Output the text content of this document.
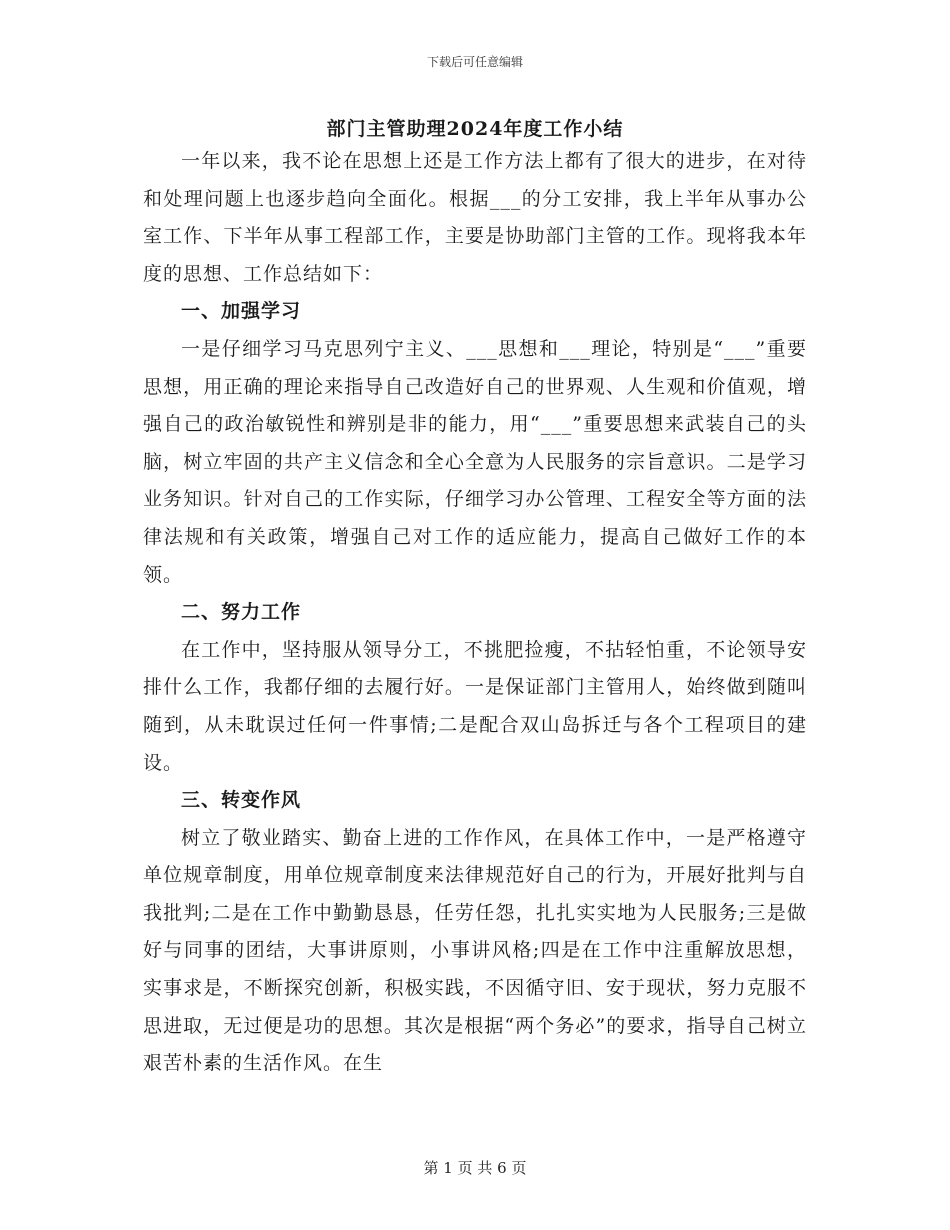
下载后可任意编辑
部门主管助理2024年度工作小结

一年以来，我不论在思想上还是工作方法上都有了很大的进步，在对待和处理问题上也逐步趋向全面化。根据___的分工安排，我上半年从事办公室工作、下半年从事工程部工作，主要是协助部门主管的工作。现将我本年度的思想、工作总结如下：

一、加强学习

一是仔细学习马克思列宁主义、___思想和___理论，特别是“___”重要思想，用正确的理论来指导自己改造好自己的世界观、人生观和价值观，增强自己的政治敏锐性和辨别是非的能力，用“___”重要思想来武装自己的头脑，树立牢固的共产主义信念和全心全意为人民服务的宗旨意识。二是学习业务知识。针对自己的工作实际，仔细学习办公管理、工程安全等方面的法律法规和有关政策，增强自己对工作的适应能力，提高自己做好工作的本领。

二、努力工作

在工作中，坚持服从领导分工，不挑肥捡瘦，不拈轻怕重，不论领导安排什么工作，我都仔细的去履行好。一是保证部门主管用人，始终做到随叫随到，从未耽误过任何一件事情;二是配合双山岛拆迁与各个工程项目的建设。

三、转变作风

树立了敬业踏实、勤奋上进的工作作风，在具体工作中，一是严格遵守单位规章制度，用单位规章制度来法律规范好自己的行为，开展好批判与自我批判;二是在工作中勤勤恳恳，任劳任怨，扎扎实实地为人民服务;三是做好与同事的团结，大事讲原则，小事讲风格;四是在工作中注重解放思想，实事求是，不断探究创新，积极实践，不因循守旧、安于现状，努力克服不思进取，无过便是功的思想。其次是根据“两个务必”的要求，指导自己树立艰苦朴素的生活作风。在生

第 1 页 共 6 页
